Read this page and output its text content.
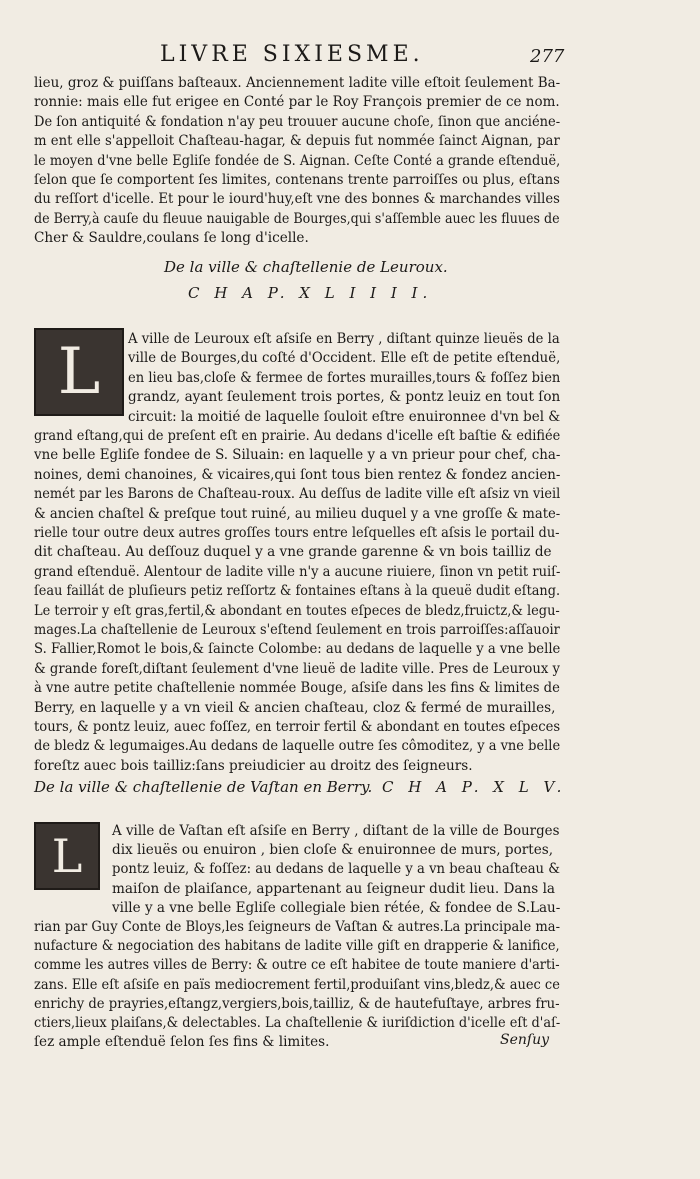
LIVRE SIXIESME.	277
lieu, groz & puiſſans baſteaux. Anciennement ladite ville eſtoit ſeulement Ba-
ronnie: mais elle fut erigee en Conté par le Roy François premier de ce nom.
De ſon antiquité & fondation n'ay peu trouuer aucune choſe, ſinon que anciéne-
m ent elle s'appelloit Chaſteau-hagar, & depuis fut nommée ſainct Aignan, par
le moyen d'vne belle Egliſe fondée de S. Aignan. Ceſte Conté a grande eſtenduë,
ſelon que ſe comportent ſes limites, contenans trente parroiſſes ou plus, eſtans
du reſſort d'icelle. Et pour le iourd'huy,eſt vne des bonnes & marchandes villes
de Berry,à cauſe du fleuue nauigable de Bourges,qui s'aſſemble auec les fluues de
Cher & Sauldre,coulans ſe long d'icelle.
De la ville & chaſtellenie de Leuroux.
C H A P. X L I I I I.
L	A ville de Leuroux eſt aſsiſe en Berry , diſtant quinze lieuës de la
ville de Bourges,du coſté d'Occident. Elle eſt de petite eſtenduë,
en lieu bas,cloſe & fermee de fortes murailles,tours & foſſez bien
grandz, ayant ſeulement trois portes, & pontz leuiz en tout ſon
circuit: la moitié de laquelle ſouloit eſtre enuironnee d'vn bel &
grand eſtang,qui de preſent eſt en prairie. Au dedans d'icelle eſt baſtie & edifiée
vne belle Egliſe fondee de S. Siluain: en laquelle y a vn prieur pour chef, cha-
noines, demi chanoines, & vicaires,qui ſont tous bien rentez & fondez ancien-
nemét par les Barons de Chaſteau-roux. Au deſſus de ladite ville eſt aſsiz vn vieil
& ancien chaſtel & preſque tout ruiné, au milieu duquel y a vne groſſe & mate-
rielle tour outre deux autres groſſes tours entre leſquelles eſt aſsis le portail du-
dit chaſteau. Au deſſouz duquel y a vne grande garenne & vn bois tailliz de
grand eſtenduë. Alentour de ladite ville n'y a aucune riuiere, ſinon vn petit ruiſ-
ſeau faillát de pluſieurs petiz reſſortz & fontaines eſtans à la queuë dudit eſtang.
Le terroir y eſt gras,fertil,& abondant en toutes eſpeces de bledz,fruictz,& legu-
mages.La chaſtellenie de Leuroux s'eſtend ſeulement en trois parroiſſes:aſſauoir
S. Fallier,Romot le bois,& ſaincte Colombe: au dedans de laquelle y a vne belle
& grande foreſt,diſtant ſeulement d'vne lieuë de ladite ville. Pres de Leuroux y
à vne autre petite chaſtellenie nommée Bouge, aſsiſe dans les fins & limites de
Berry, en laquelle y a vn vieil & ancien chaſteau, cloz & fermé de murailles,
tours, & pontz leuiz, auec foſſez, en terroir fertil & abondant en toutes eſpeces
de bledz & legumaiges.Au dedans de laquelle outre ſes cômoditez, y a vne belle
foreſtz auec bois tailliz:ſans preiudicier au droitz des ſeigneurs.
De la ville & chaſtellenie de Vaſtan en Berry. C H A P. X L V.
L	A ville de Vaſtan eſt aſsiſe en Berry , diſtant de la ville de Bourges
dix lieuës ou enuiron , bien cloſe & enuironnee de murs, portes,
pontz leuiz, & foſſez: au dedans de laquelle y a vn beau chaſteau &
maiſon de plaiſance, appartenant au ſeigneur dudit lieu. Dans la
ville y a vne belle Egliſe collegiale bien rétée, & fondee de S.Lau-
rian par Guy Conte de Bloys,les ſeigneurs de Vaſtan & autres.La principale ma-
nufacture & negociation des habitans de ladite ville giſt en drapperie & lanifice,
comme les autres villes de Berry: & outre ce eſt habitee de toute maniere d'arti-
zans. Elle eſt aſsiſe en païs mediocrement fertil,produiſant vins,bledz,& auec ce
enrichy de prayries,eſtangz,vergiers,bois,tailliz, & de hautefuſtaye, arbres fru-
ctiers,lieux plaiſans,& delectables. La chaſtellenie & iuriſdiction d'icelle eſt d'aſ-
ſez ample eſtenduë ſelon ſes fins & limites.	Senſuy
